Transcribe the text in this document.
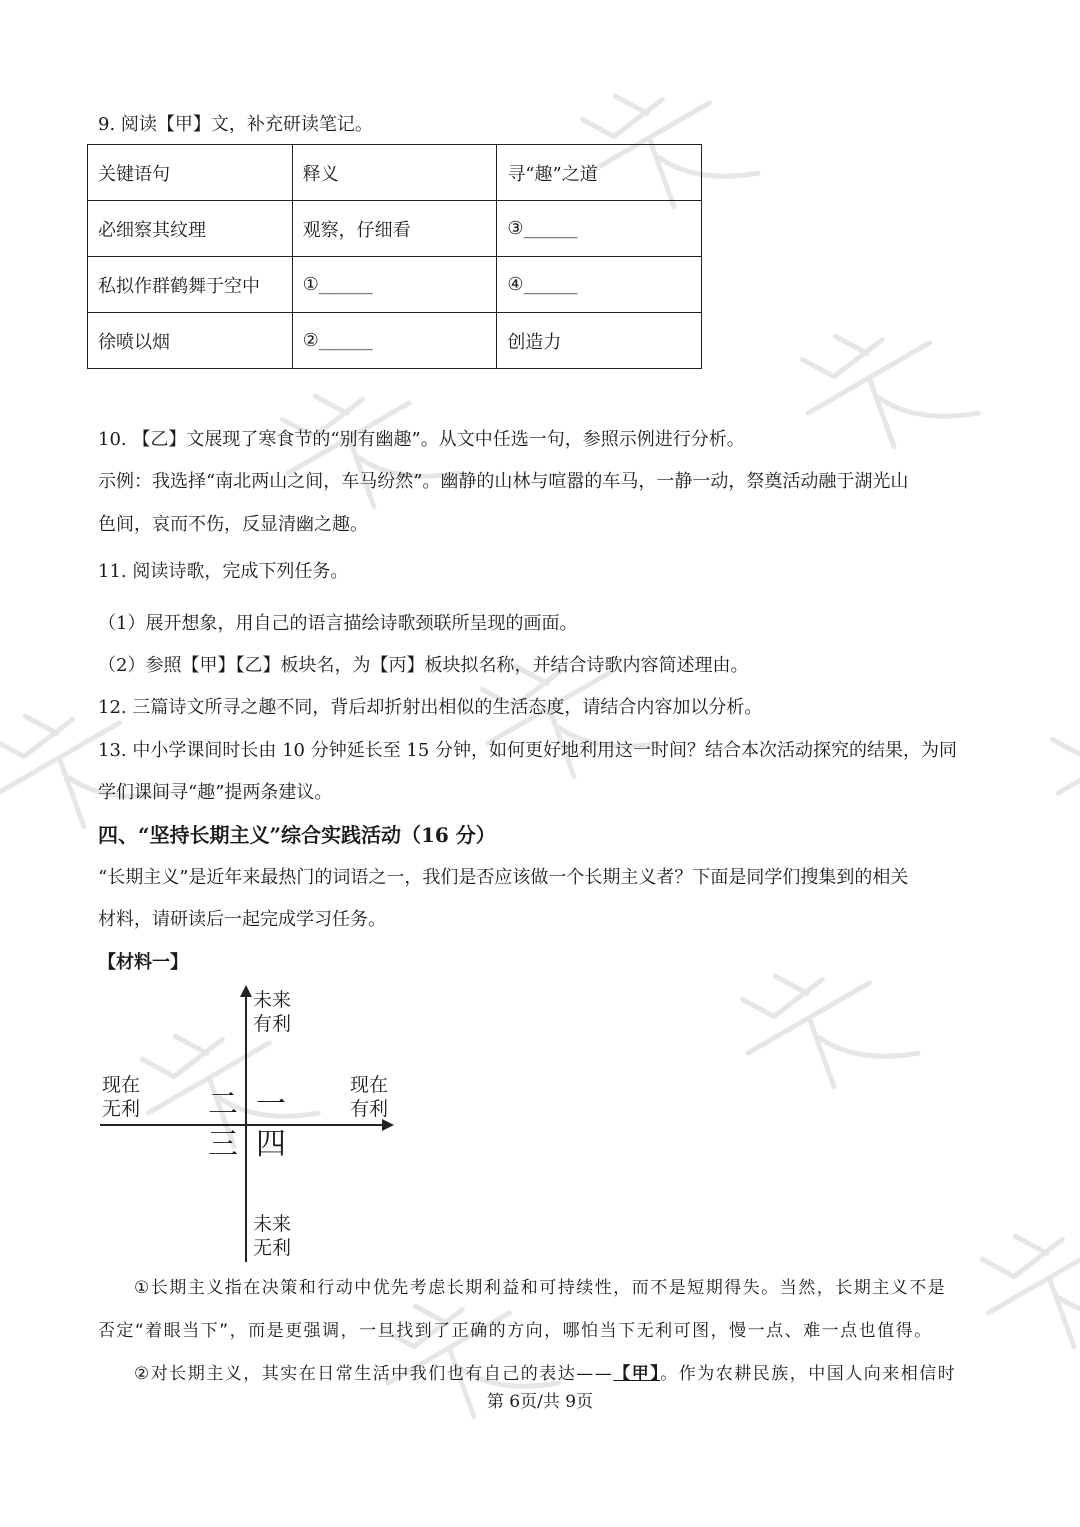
9. 阅读【甲】文，补充研读笔记。
关键语句	释义	寻“趣”之道
必细察其纹理	观察，仔细看	③______
私拟作群鹤舞于空中	①______	④______
徐喷以烟	②______	创造力
10. 【乙】文展现了寒食节的“别有幽趣”。从文中任选一句，参照示例进行分析。
示例：我选择“南北两山之间，车马纷然”。幽静的山林与喧嚣的车马，一静一动，祭奠活动融于湖光山
色间，哀而不伤，反显清幽之趣。
11. 阅读诗歌，完成下列任务。
（1）展开想象，用自己的语言描绘诗歌颈联所呈现的画面。
（2）参照【甲】【乙】板块名，为【丙】板块拟名称，并结合诗歌内容简述理由。
12. 三篇诗文所寻之趣不同，背后却折射出相似的生活态度，请结合内容加以分析。
13. 中小学课间时长由 10 分钟延长至 15 分钟，如何更好地利用这一时间？结合本次活动探究的结果，为同
学们课间寻“趣”提两条建议。
四、“坚持长期主义”综合实践活动（16 分）
“长期主义”是近年来最热门的词语之一，我们是否应该做一个长期主义者？下面是同学们搜集到的相关
材料，请研读后一起完成学习任务。
【材料一】
未来
有利
未来
无利
现在
无利
现在
有利
一
二
三 四
①长期主义指在决策和行动中优先考虑长期利益和可持续性，而不是短期得失。当然，长期主义不是
否定“着眼当下”，而是更强调，一旦找到了正确的方向，哪怕当下无利可图，慢一点、难一点也值得。
②对长期主义，其实在日常生活中我们也有自己的表达——【甲】。作为农耕民族，中国人向来相信时
第 6页/共 9页
